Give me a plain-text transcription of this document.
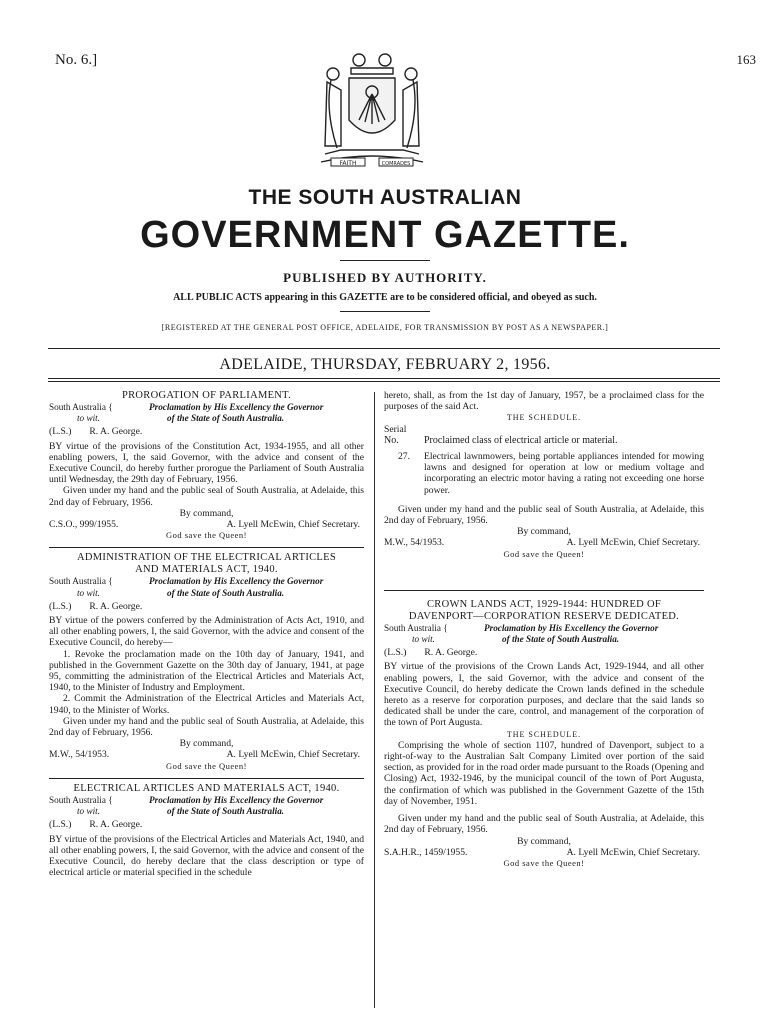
No. 6.]	163
FAITH	COMRADES
THE SOUTH AUSTRALIAN
GOVERNMENT GAZETTE.
PUBLISHED BY AUTHORITY.
ALL PUBLIC ACTS appearing in this GAZETTE are to be considered official, and obeyed as such.
[REGISTERED AT THE GENERAL POST OFFICE, ADELAIDE, FOR TRANSMISSION BY POST AS A NEWSPAPER.]
ADELAIDE, THURSDAY, FEBRUARY 2, 1956.

PROROGATION OF PARLIAMENT.

South Australia {
to wit.
Proclamation by His Excellency the Governor
of the State of South Australia.
(L.S.) R. A. George.

BY virtue of the provisions of the Constitution Act, 1934-1955, and all other enabling powers, I, the said Governor, with the advice and consent of the Executive Council, do hereby further prorogue the Parliament of South Australia until Wednesday, the 29th day of February, 1956.

Given under my hand and the public seal of South Australia, at Adelaide, this 2nd day of February, 1956.

By command,

C.S.O., 999/1955.	A. Lyell McEwin, Chief Secretary.

God save the Queen!

ADMINISTRATION OF THE ELECTRICAL ARTICLES

AND MATERIALS ACT, 1940.

South Australia {
to wit.
Proclamation by His Excellency the Governor
of the State of South Australia.
(L.S.) R. A. George.

BY virtue of the powers conferred by the Administration of Acts Act, 1910, and all other enabling powers, I, the said Governor, with the advice and consent of the Executive Council, do hereby—

1. Revoke the proclamation made on the 10th day of January, 1941, and published in the Government Gazette on the 30th day of January, 1941, at page 95, committing the administration of the Electrical Articles and Materials Act, 1940, to the Minister of Industry and Employment.

2. Commit the Administration of the Electrical Articles and Materials Act, 1940, to the Minister of Works.

Given under my hand and the public seal of South Australia, at Adelaide, this 2nd day of February, 1956.

By command,

M.W., 54/1953.	A. Lyell McEwin, Chief Secretary.

God save the Queen!

ELECTRICAL ARTICLES AND MATERIALS ACT, 1940.

South Australia {
to wit.
Proclamation by His Excellency the Governor
of the State of South Australia.
(L.S.) R. A. George.

BY virtue of the provisions of the Electrical Articles and Materials Act, 1940, and all other enabling powers, I, the said Governor, with the advice and consent of the Executive Council, do hereby declare that the class description or type of electrical article or material specified in the schedule

hereto, shall, as from the 1st day of January, 1957, be a proclaimed class for the purposes of the said Act.

THE SCHEDULE.

Serial
No.	Proclaimed class of electrical article or material.
27.	Electrical lawnmowers, being portable appliances intended for mowing lawns and designed for operation at low or medium voltage and incorporating an electric motor having a rating not exceeding one horse power.

Given under my hand and the public seal of South Australia, at Adelaide, this 2nd day of February, 1956.

By command,

M.W., 54/1953.	A. Lyell McEwin, Chief Secretary.

God save the Queen!

CROWN LANDS ACT, 1929-1944: HUNDRED OF

DAVENPORT—CORPORATION RESERVE DEDICATED.

South Australia {
to wit.
Proclamation by His Excellency the Governor
of the State of South Australia.
(L.S.) R. A. George.

BY virtue of the provisions of the Crown Lands Act, 1929-1944, and all other enabling powers, I, the said Governor, with the advice and consent of the Executive Council, do hereby dedicate the Crown lands defined in the schedule hereto as a reserve for corporation purposes, and declare that the said lands so dedicated shall be under the care, control, and management of the corporation of the town of Port Augusta.

THE SCHEDULE.

Comprising the whole of section 1107, hundred of Davenport, subject to a right-of-way to the Australian Salt Company Limited over portion of the said section, as provided for in the road order made pursuant to the Roads (Opening and Closing) Act, 1932-1946, by the municipal council of the town of Port Augusta, the confirmation of which was published in the Government Gazette of the 15th day of November, 1951.

Given under my hand and the public seal of South Australia, at Adelaide, this 2nd day of February, 1956.

By command,

S.A.H.R., 1459/1955.	A. Lyell McEwin, Chief Secretary.

God save the Queen!
